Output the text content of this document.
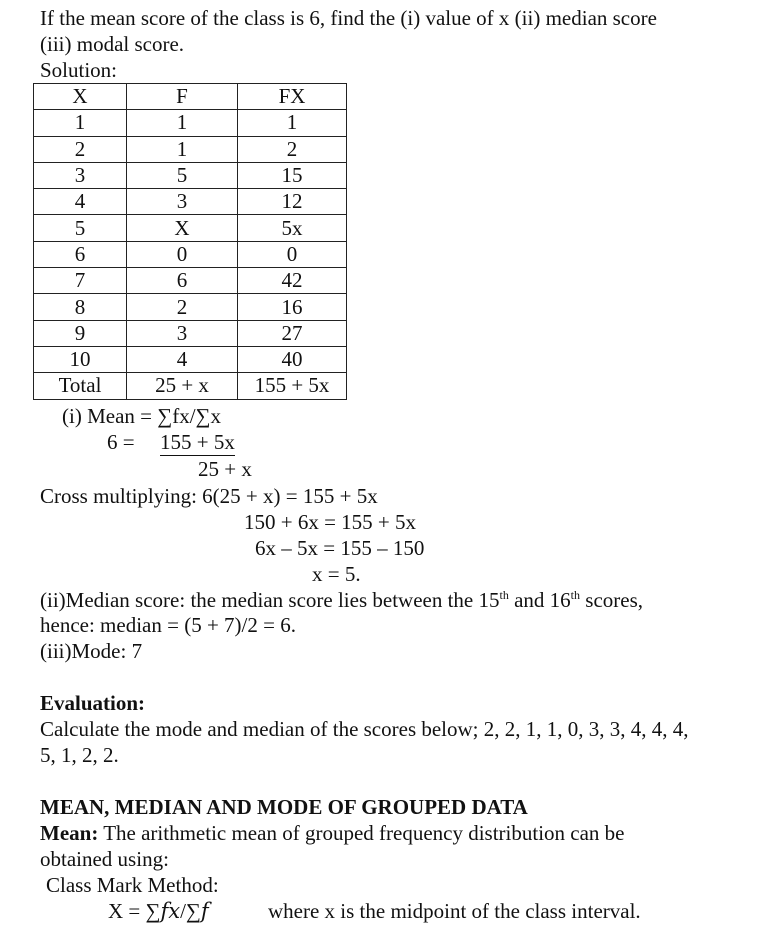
If the mean score of the class is 6, find the (i) value of x (ii) median score
(iii) modal score.
Solution:
X	F	FX
1	1	1
2	1	2
3	5	15
4	3	12
5	X	5x
6	0	0
7	6	42
8	2	16
9	3	27
10	4	40
Total	25 + x	155 + 5x
(i) Mean = ∑fx/∑x
6 = 155 + 5x
25 + x
Cross multiplying: 6(25 + x) = 155 + 5x
150 + 6x = 155 + 5x
6x – 5x = 155 – 150
x = 5.
(ii)Median score: the median score lies between the 15th and 16th scores,
hence: median = (5 + 7)/2 = 6.
(iii)Mode: 7
Evaluation:
Calculate the mode and median of the scores below; 2, 2, 1, 1, 0, 3, 3, 4, 4, 4,
5, 1, 2, 2.
MEAN, MEDIAN AND MODE OF GROUPED DATA
Mean: The arithmetic mean of grouped frequency distribution can be
obtained using:
Class Mark Method:
X = ∑𝑓𝑥/∑𝑓	where x is the midpoint of the class interval.
